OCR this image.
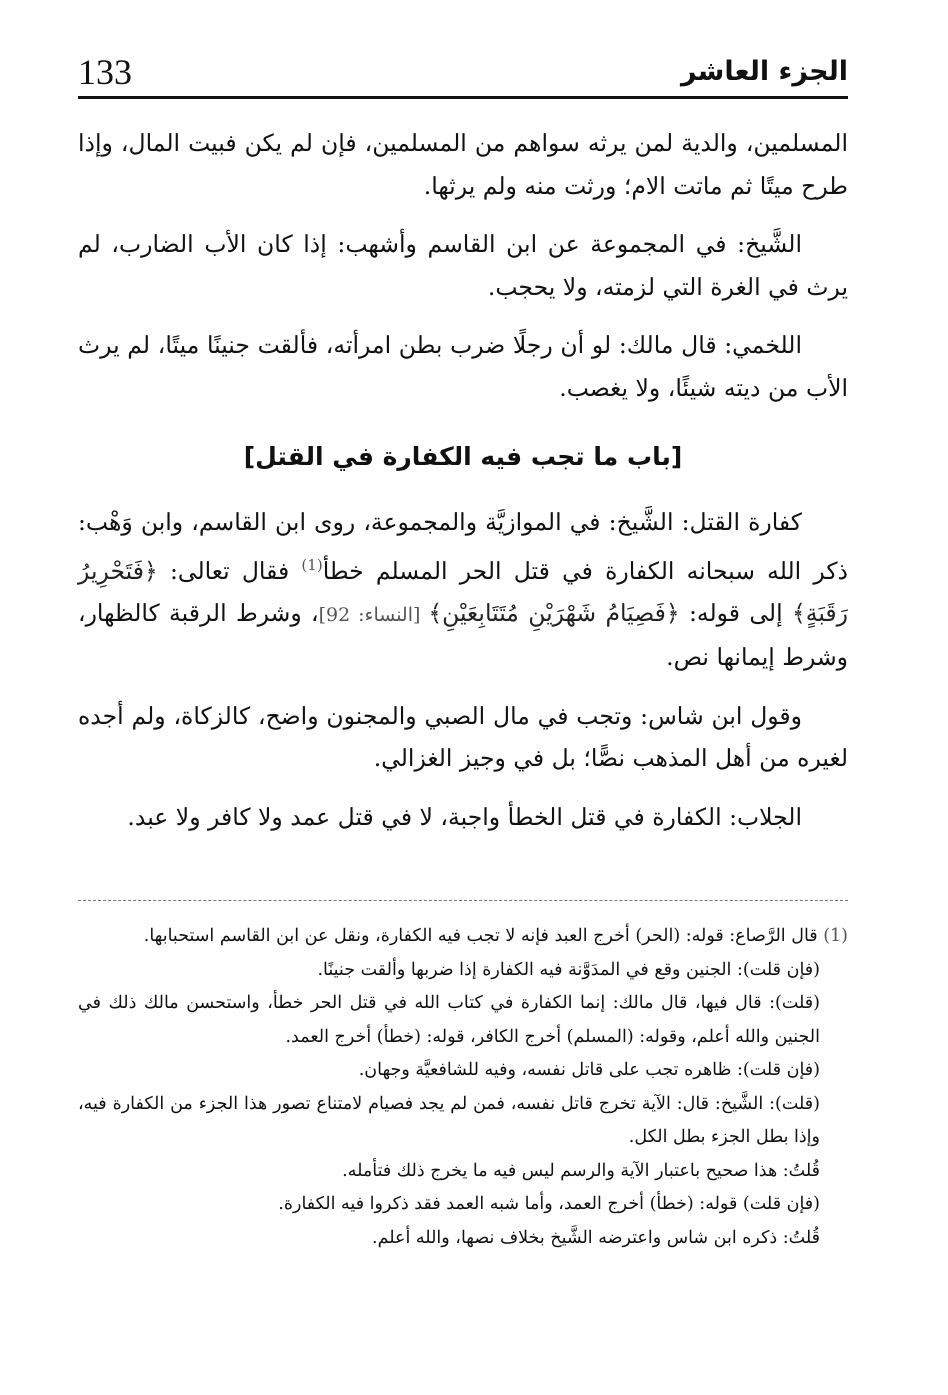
133	الجزء العاشر

المسلمين، والدية لمن يرثه سواهم من المسلمين، فإن لم يكن فبيت المال، وإذا طرح ميتًا ثم ماتت الام؛ ورثت منه ولم يرثها.

الشَّيخ: في المجموعة عن ابن القاسم وأشهب: إذا كان الأب الضارب، لم يرث في الغرة التي لزمته، ولا يحجب.

اللخمي: قال مالك: لو أن رجلًا ضرب بطن امرأته، فألقت جنينًا ميتًا، لم يرث الأب من ديته شيئًا، ولا يغصب.

[باب ما تجب فيه الكفارة في القتل]

كفارة القتل: الشَّيخ: في الموازيَّة والمجموعة، روى ابن القاسم، وابن وَهْب: ذكر الله سبحانه الكفارة في قتل الحر المسلم خطأ$^{(1)}$ فقال تعالى: ﴿فَتَحْرِيرُ رَقَبَةٍ﴾ إلى قوله: ﴿فَصِيَامُ شَهْرَيْنِ مُتَتَابِعَيْنِ﴾ [النساء: 92]، وشرط الرقبة كالظهار، وشرط إيمانها نص.

وقول ابن شاس: وتجب في مال الصبي والمجنون واضح، كالزكاة، ولم أجده لغيره من أهل المذهب نصًّا؛ بل في وجيز الغزالي.

الجلاب: الكفارة في قتل الخطأ واجبة، لا في قتل عمد ولا كافر ولا عبد.

(1) قال الرَّصاع: قوله: (الحر) أخرج العبد فإنه لا تجب فيه الكفارة، ونقل عن ابن القاسم استحبابها.

(فإن قلت): الجنين وقع في المدَوَّنة فيه الكفارة إذا ضربها وألقت جنينًا.

(قلت): قال فيها، قال مالك: إنما الكفارة في كتاب الله في قتل الحر خطأ، واستحسن مالك ذلك في الجنين والله أعلم، وقوله: (المسلم) أخرج الكافر، قوله: (خطأ) أخرج العمد.

(فإن قلت): ظاهره تجب على قاتل نفسه، وفيه للشافعيَّة وجهان.

(قلت): الشَّيخ: قال: الآية تخرج قاتل نفسه، فمن لم يجد فصيام لامتناع تصور هذا الجزء من الكفارة فيه، وإذا بطل الجزء بطل الكل.

قُلتُ: هذا صحيح باعتبار الآية والرسم ليس فيه ما يخرج ذلك فتأمله.

(فإن قلت) قوله: (خطأ) أخرج العمد، وأما شبه العمد فقد ذكروا فيه الكفارة.

قُلتُ: ذكره ابن شاس واعترضه الشَّيخ بخلاف نصها، والله أعلم.
